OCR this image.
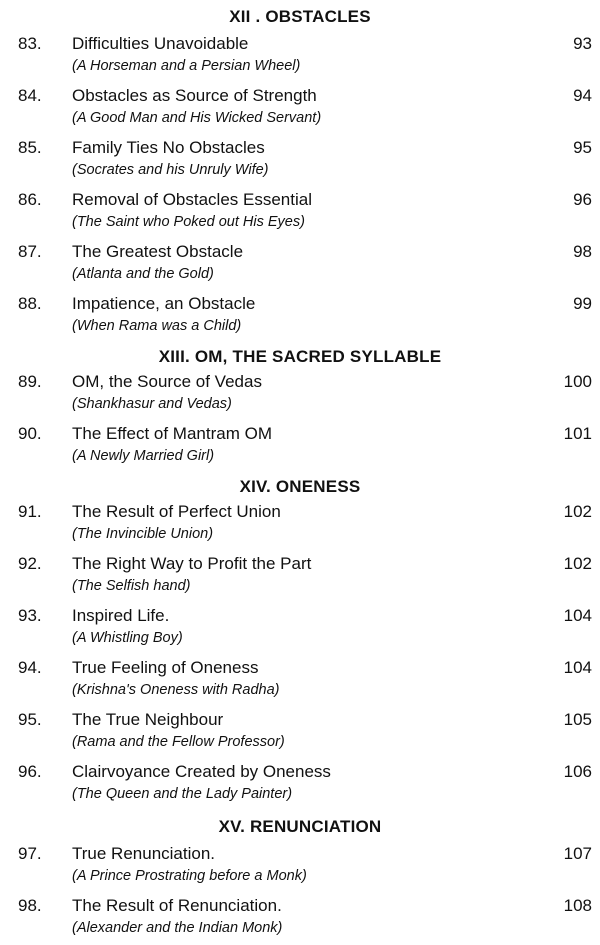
XII . OBSTACLES
83. Difficulties Unavoidable
(A Horseman and a Persian Wheel)
93
84. Obstacles as Source of Strength
(A Good Man and His Wicked Servant)
94
85. Family Ties No Obstacles
(Socrates and his Unruly Wife)
95
86. Removal of Obstacles Essential
(The Saint who Poked out His Eyes)
96
87. The Greatest Obstacle
(Atlanta and the Gold)
98
88. Impatience, an Obstacle
(When Rama was a Child)
99
XIII. OM, THE SACRED SYLLABLE
89. OM, the Source of Vedas
(Shankhasur and Vedas)
100
90. The Effect of Mantram OM
(A Newly Married Girl)
101
XIV. ONENESS
91. The Result of Perfect Union
(The Invincible Union)
102
92. The Right Way to Profit the Part
(The Selfish hand)
102
93. Inspired Life.
(A Whistling Boy)
104
94. True Feeling of Oneness
(Krishna's Oneness with Radha)
104
95. The True Neighbour
(Rama and the Fellow Professor)
105
96. Clairvoyance Created by Oneness
(The Queen and the Lady Painter)
106
XV. RENUNCIATION
97. True Renunciation.
(A Prince Prostrating before a Monk)
107
98. The Result of Renunciation.
(Alexander and the Indian Monk)
108
